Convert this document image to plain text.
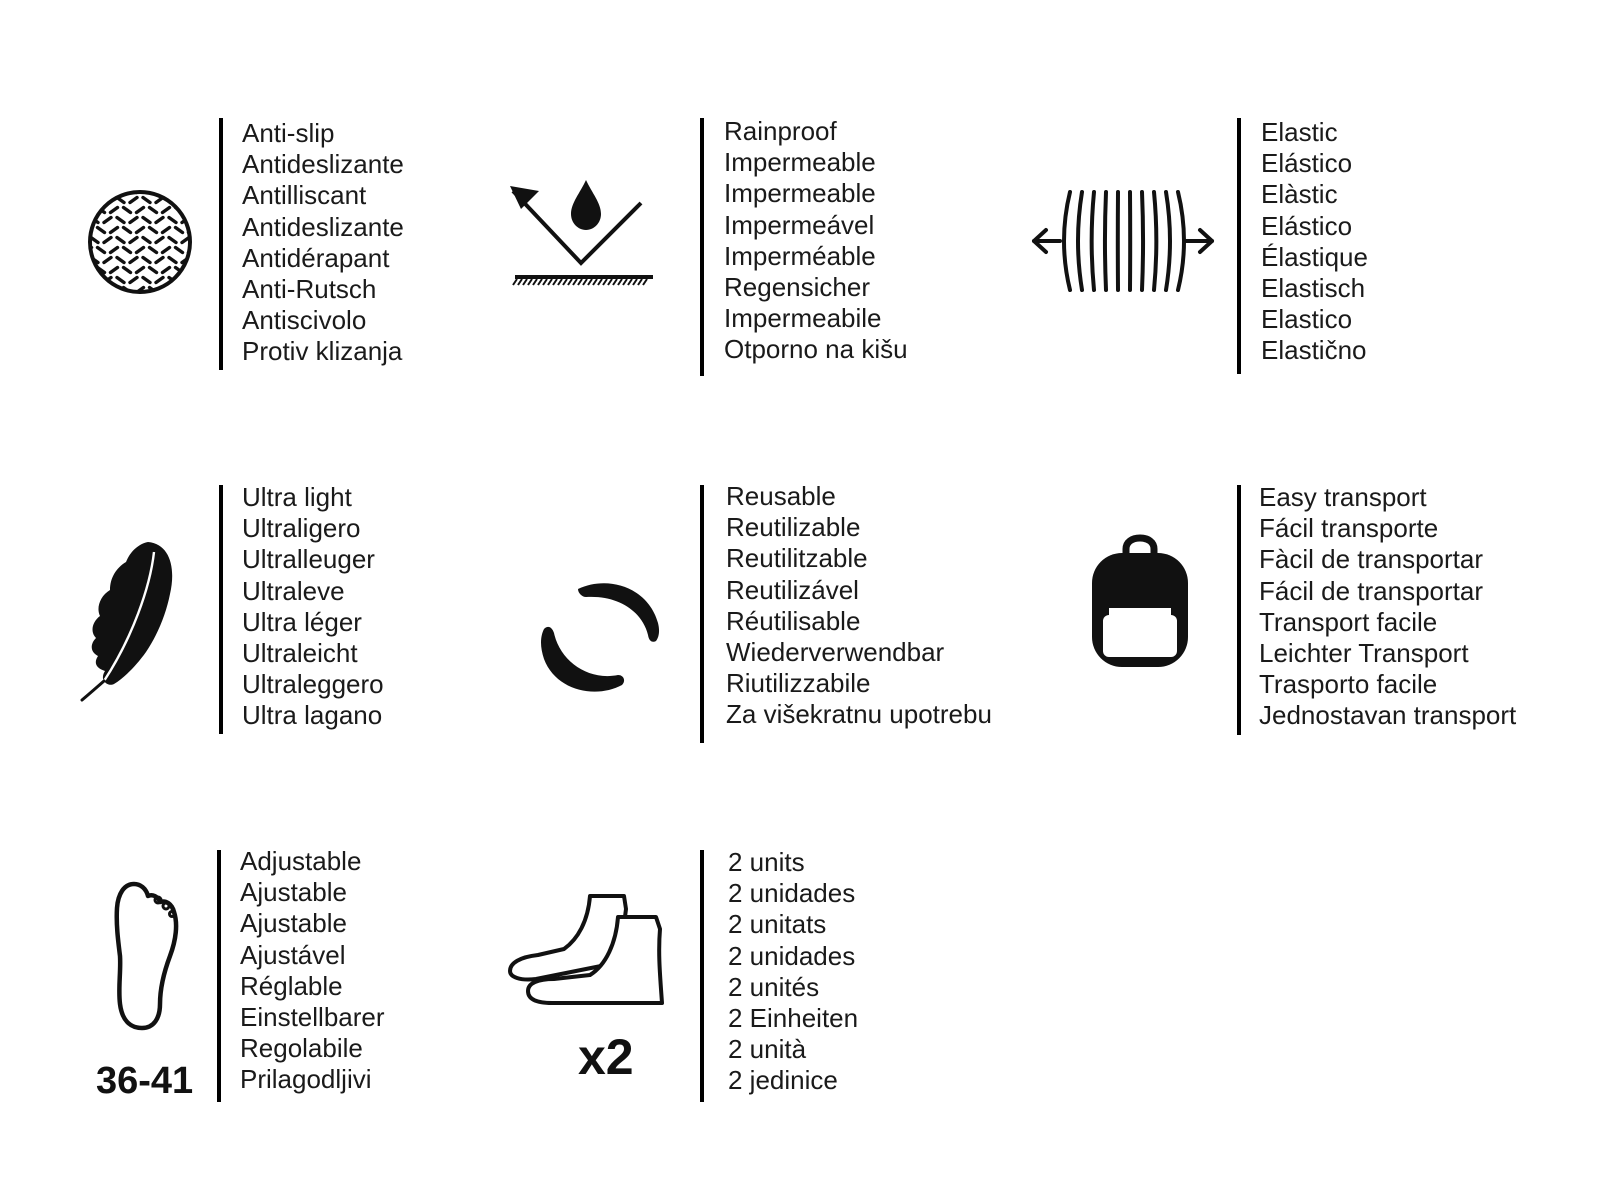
Anti-slip
Antideslizante
Antilliscant
Antideslizante
Antidérapant
Anti-Rutsch
Antiscivolo
Protiv klizanja
Rainproof
Impermeable
Impermeable
Impermeável
Imperméable
Regensicher
Impermeabile
Otporno na kišu
Elastic
Elástico
Elàstic
Elástico
Élastique
Elastisch
Elastico
Elastično
Ultra light
Ultraligero
Ultralleuger
Ultraleve
Ultra léger
Ultraleicht
Ultraleggero
Ultra lagano
Reusable
Reutilizable
Reutilitzable
Reutilizável
Réutilisable
Wiederverwendbar
Riutilizzabile
Za višekratnu upotrebu
Easy transport
Fácil transporte
Fàcil de transportar
Fácil de transportar
Transport facile
Leichter Transport
Trasporto facile
Jednostavan transport
36-41
Adjustable
Ajustable
Ajustable
Ajustável
Réglable
Einstellbarer
Regolabile
Prilagodljivi	x2
2 units
2 unidades
2 unitats
2 unidades
2 unités
2 Einheiten
2 unità
2 jedinice
